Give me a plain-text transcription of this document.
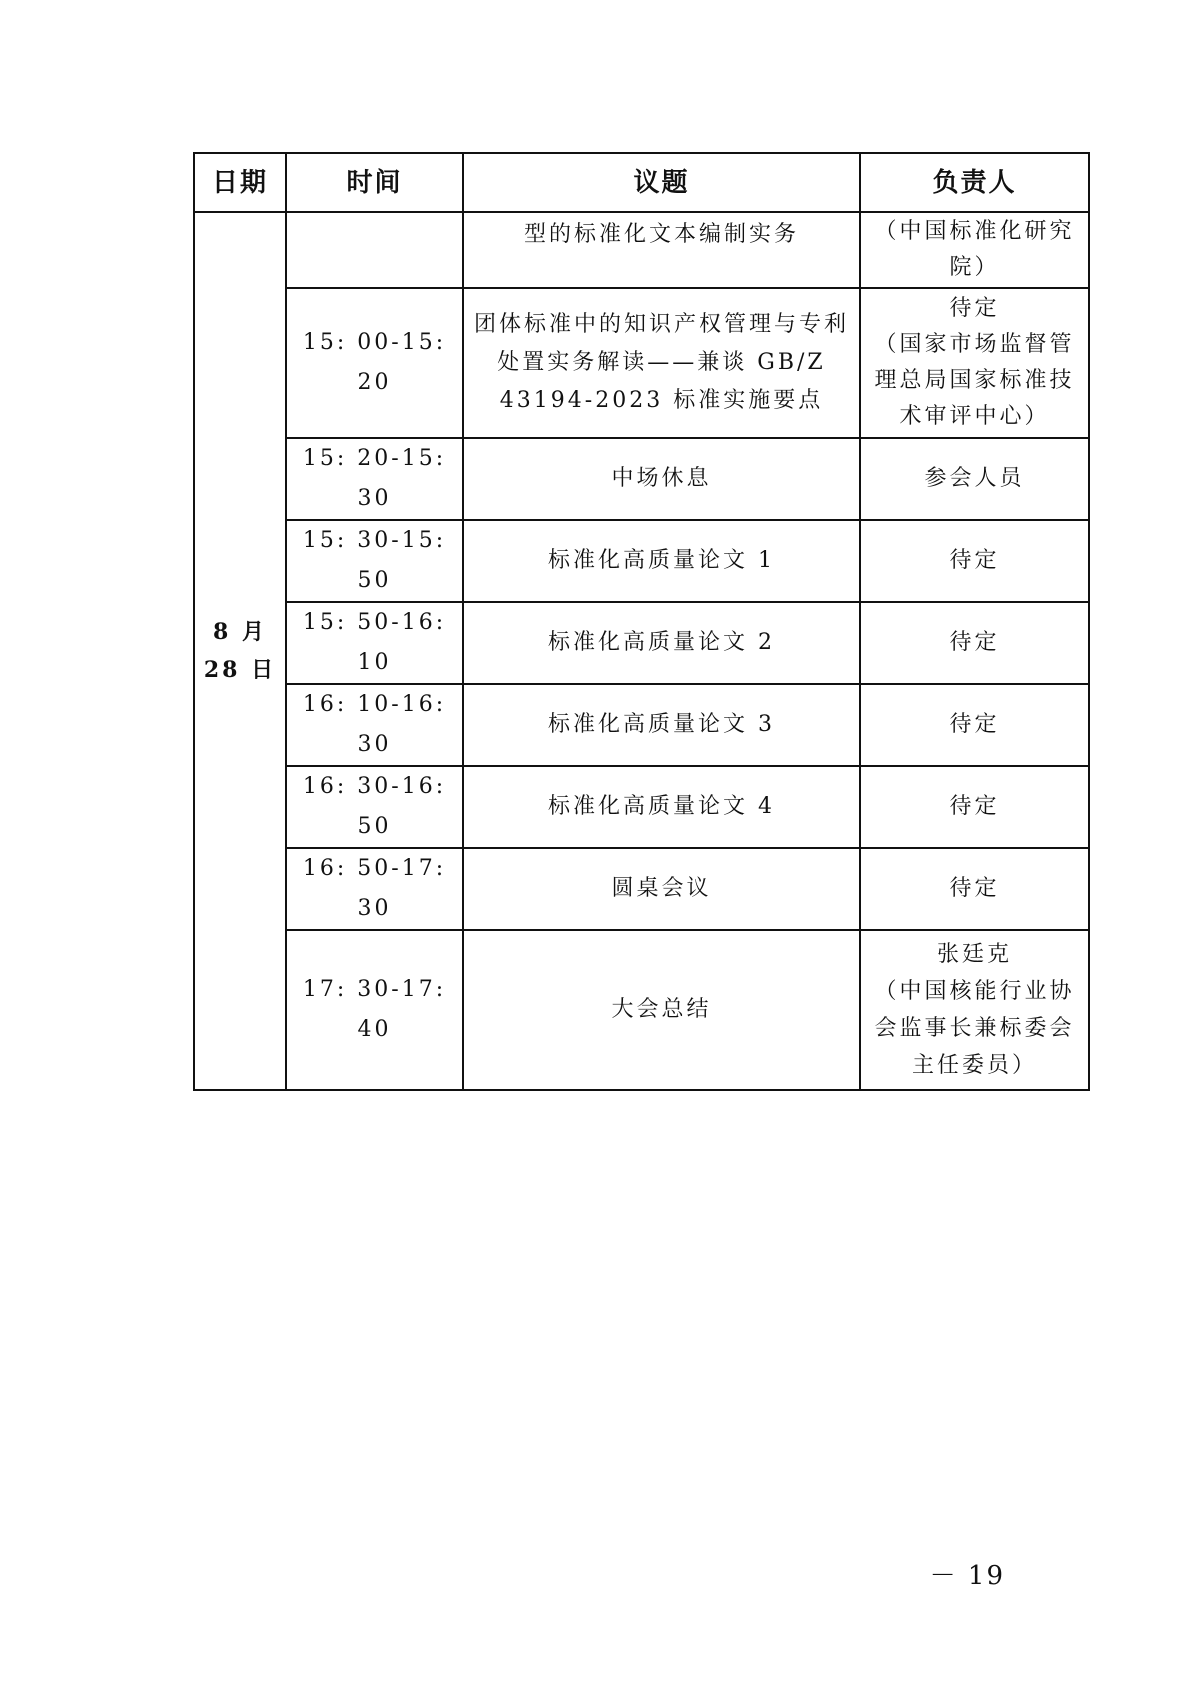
日期	时间	议题	负责人
8 月
28 日		型的标准化文本编制实务	（中国标准化研究
院）
	15: 00-15: 20	团体标准中的知识产权管理与专利
处置实务解读——兼谈 GB/Z
43194-2023 标准实施要点	待定
（国家市场监督管
理总局国家标准技
术审评中心）
	15: 20-15: 30	中场休息	参会人员
	15: 30-15: 50	标准化高质量论文 1	待定
	15: 50-16: 10	标准化高质量论文 2	待定
	16: 10-16: 30	标准化高质量论文 3	待定
	16: 30-16: 50	标准化高质量论文 4	待定
	16: 50-17: 30	圆桌会议	待定
	17: 30-17: 40	大会总结	张廷克
（中国核能行业协
会监事长兼标委会
主任委员）
－ 19
